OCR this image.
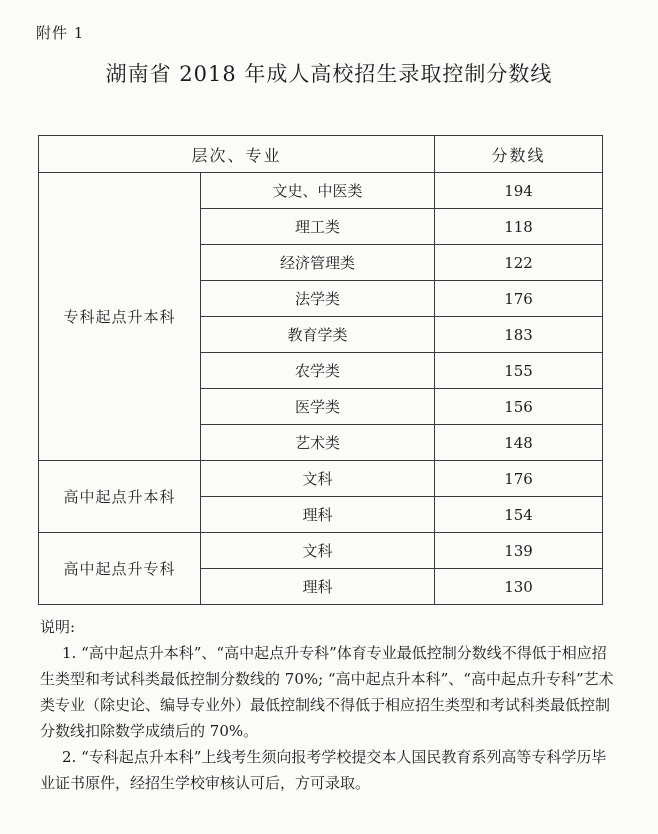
附件 1
湖南省 2018 年成人高校招生录取控制分数线
层次、专业		分数线
专科起点升本科	文史、中医类	194
	理工类	118
	经济管理类	122
	法学类	176
	教育学类	183
	农学类	155
	医学类	156
	艺术类	148
高中起点升本科	文科	176
	理科	154
高中起点升专科	文科	139
	理科	130
说明:
1. “高中起点升本科”、“高中起点升专科”体育专业最低控制分数线不得低于相应招生类型和考试科类最低控制分数线的 70%; “高中起点升本科”、“高中起点升专科”艺术类专业（除史论、编导专业外）最低控制线不得低于相应招生类型和考试科类最低控制分数线扣除数学成绩后的 70%。
2. “专科起点升本科”上线考生须向报考学校提交本人国民教育系列高等专科学历毕业证书原件，经招生学校审核认可后，方可录取。
